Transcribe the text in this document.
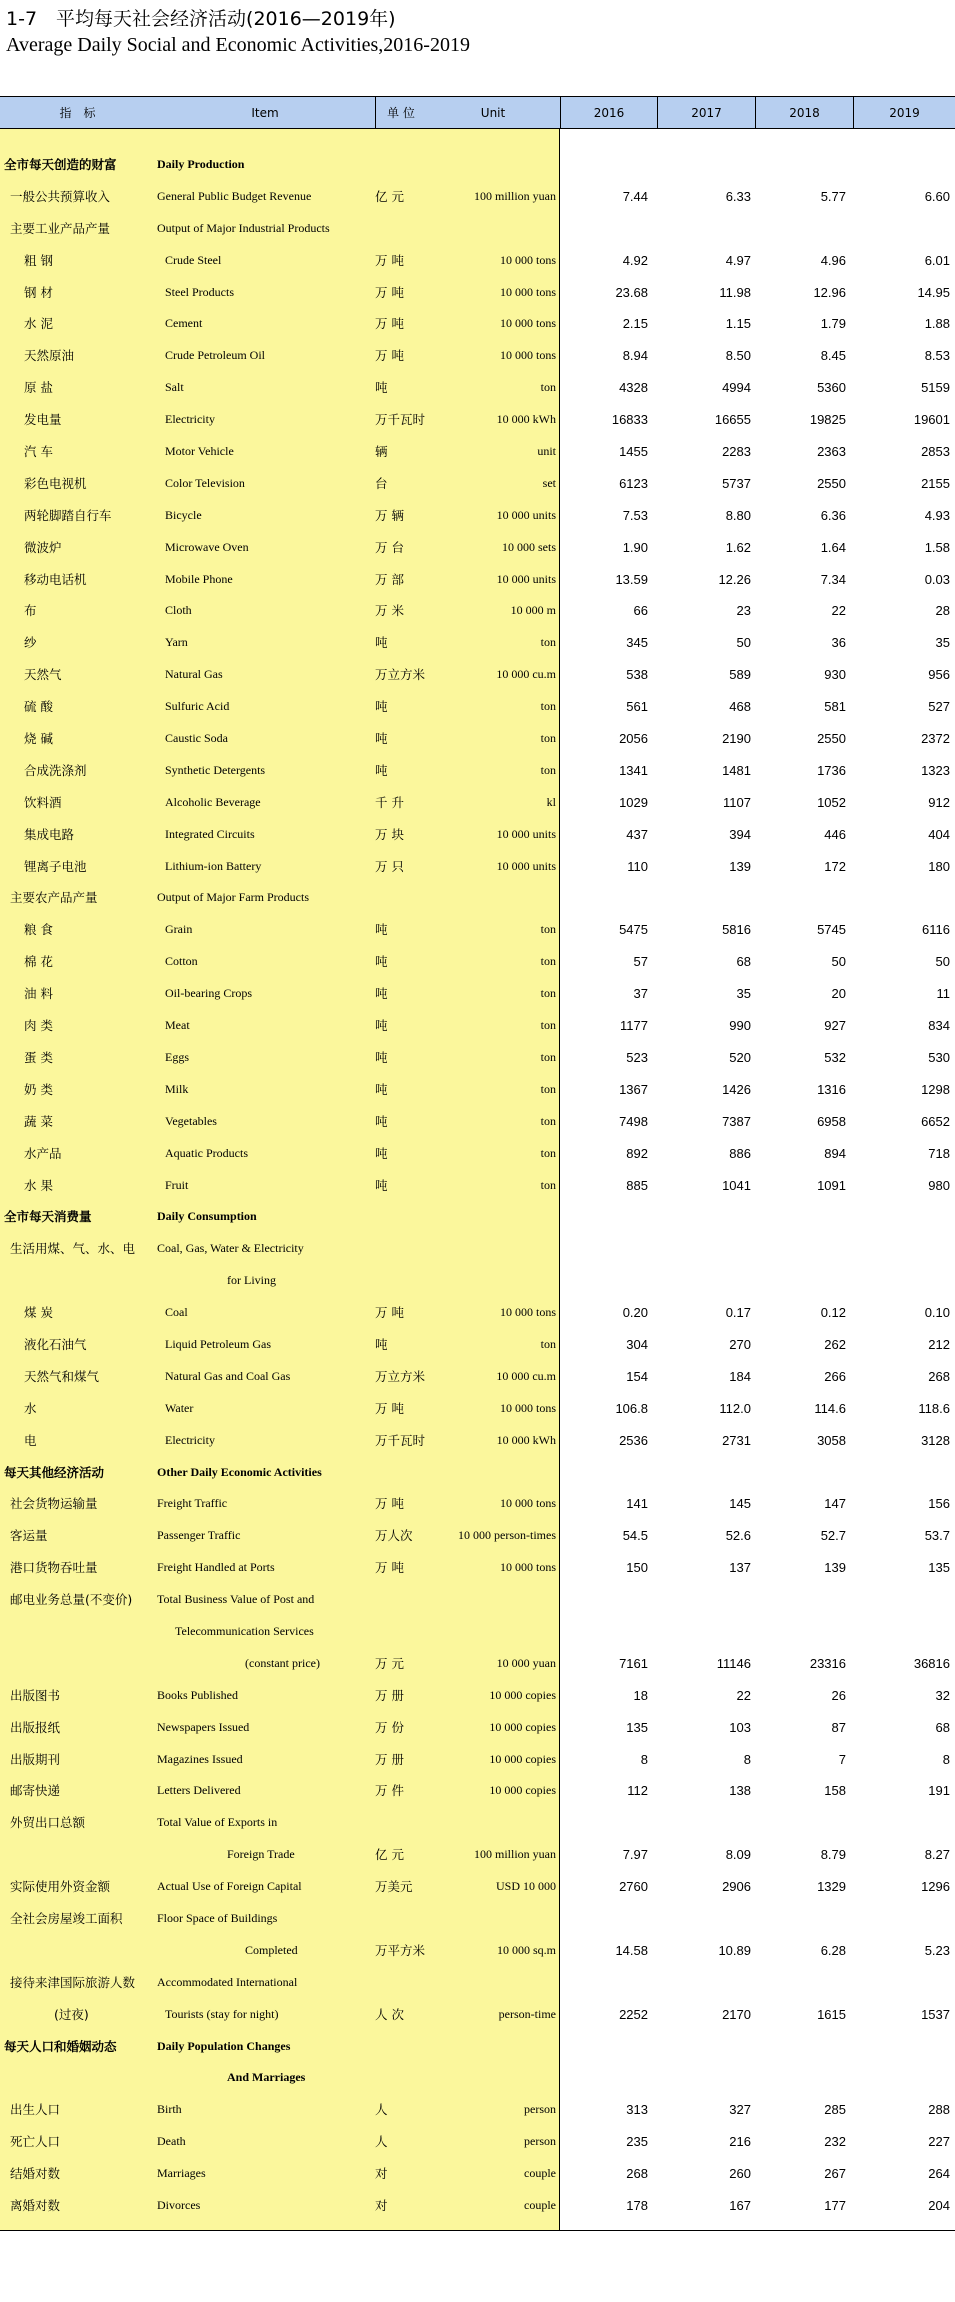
1-7　平均每天社会经济活动(2016—2019年)
Average Daily Social and Economic Activities,2016-2019
指　标	Item	单 位	Unit	2016	2017	2018	2019
全市每天创造的财富	Daily Production
一般公共预算收入	General Public Budget Revenue	亿 元	100 million yuan	7.44	6.33	5.77	6.60
主要工业产品产量	Output of Major Industrial Products
粗 钢	Crude Steel	万 吨	10 000 tons	4.92	4.97	4.96	6.01
钢 材	Steel Products	万 吨	10 000 tons	23.68	11.98	12.96	14.95
水 泥	Cement	万 吨	10 000 tons	2.15	1.15	1.79	1.88
天然原油	Crude Petroleum Oil	万 吨	10 000 tons	8.94	8.50	8.45	8.53
原 盐	Salt	吨	ton	4328	4994	5360	5159
发电量	Electricity	万千瓦时	10 000 kWh	16833	16655	19825	19601
汽 车	Motor Vehicle	辆	unit	1455	2283	2363	2853
彩色电视机	Color Television	台	set	6123	5737	2550	2155
两轮脚踏自行车	Bicycle	万 辆	10 000 units	7.53	8.80	6.36	4.93
微波炉	Microwave Oven	万 台	10 000 sets	1.90	1.62	1.64	1.58
移动电话机	Mobile Phone	万 部	10 000 units	13.59	12.26	7.34	0.03
布	Cloth	万 米	10 000 m	66	23	22	28
纱	Yarn	吨	ton	345	50	36	35
天然气	Natural Gas	万立方米	10 000 cu.m	538	589	930	956
硫 酸	Sulfuric Acid	吨	ton	561	468	581	527
烧 碱	Caustic Soda	吨	ton	2056	2190	2550	2372
合成洗涤剂	Synthetic Detergents	吨	ton	1341	1481	1736	1323
饮料酒	Alcoholic Beverage	千 升	kl	1029	1107	1052	912
集成电路	Integrated Circuits	万 块	10 000 units	437	394	446	404
锂离子电池	Lithium-ion Battery	万 只	10 000 units	110	139	172	180
主要农产品产量	Output of Major Farm Products
粮 食	Grain	吨	ton	5475	5816	5745	6116
棉 花	Cotton	吨	ton	57	68	50	50
油 料	Oil-bearing Crops	吨	ton	37	35	20	11
肉 类	Meat	吨	ton	1177	990	927	834
蛋 类	Eggs	吨	ton	523	520	532	530
奶 类	Milk	吨	ton	1367	1426	1316	1298
蔬 菜	Vegetables	吨	ton	7498	7387	6958	6652
水产品	Aquatic Products	吨	ton	892	886	894	718
水 果	Fruit	吨	ton	885	1041	1091	980
全市每天消费量	Daily Consumption
生活用煤、气、水、电 Coal, Gas, Water & Electricity
for Living
煤 炭	Coal	万 吨	10 000 tons	0.20	0.17	0.12	0.10
液化石油气	Liquid Petroleum Gas	吨	ton	304	270	262	212
天然气和煤气	Natural Gas and Coal Gas	万立方米	10 000 cu.m	154	184	266	268
水	Water	万 吨	10 000 tons	106.8	112.0	114.6	118.6
电	Electricity	万千瓦时	10 000 kWh	2536	2731	3058	3128
每天其他经济活动	Other Daily Economic Activities
社会货物运输量	Freight Traffic	万 吨	10 000 tons	141	145	147	156
客运量	Passenger Traffic	万人次	10 000 person-times	54.5	52.6	52.7	53.7
港口货物吞吐量	Freight Handled at Ports	万 吨	10 000 tons	150	137	139	135
邮电业务总量(不变价) Total Business Value of Post and
Telecommunication Services
(constant price)	万 元	10 000 yuan	7161	11146	23316	36816
出版图书	Books Published	万 册	10 000 copies	18	22	26	32
出版报纸	Newspapers Issued	万 份	10 000 copies	135	103	87	68
出版期刊	Magazines Issued	万 册	10 000 copies	8	8	7	8
邮寄快递	Letters Delivered	万 件	10 000 copies	112	138	158	191
外贸出口总额	Total Value of Exports in
Foreign Trade	亿 元	100 million yuan	7.97	8.09	8.79	8.27
实际使用外资金额	Actual Use of Foreign Capital	万美元	USD 10 000	2760	2906	1329	1296
全社会房屋竣工面积	Floor Space of Buildings
Completed	万平方米	10 000 sq.m	14.58	10.89	6.28	5.23
接待来津国际旅游人数 Accommodated International
(过夜)	Tourists (stay for night)	人 次	person-time	2252	2170	1615	1537
每天人口和婚姻动态	Daily Population Changes
And Marriages
出生人口	Birth	人	person	313	327	285	288
死亡人口	Death	人	person	235	216	232	227
结婚对数	Marriages	对	couple	268	260	267	264
离婚对数	Divorces	对	couple	178	167	177	204
